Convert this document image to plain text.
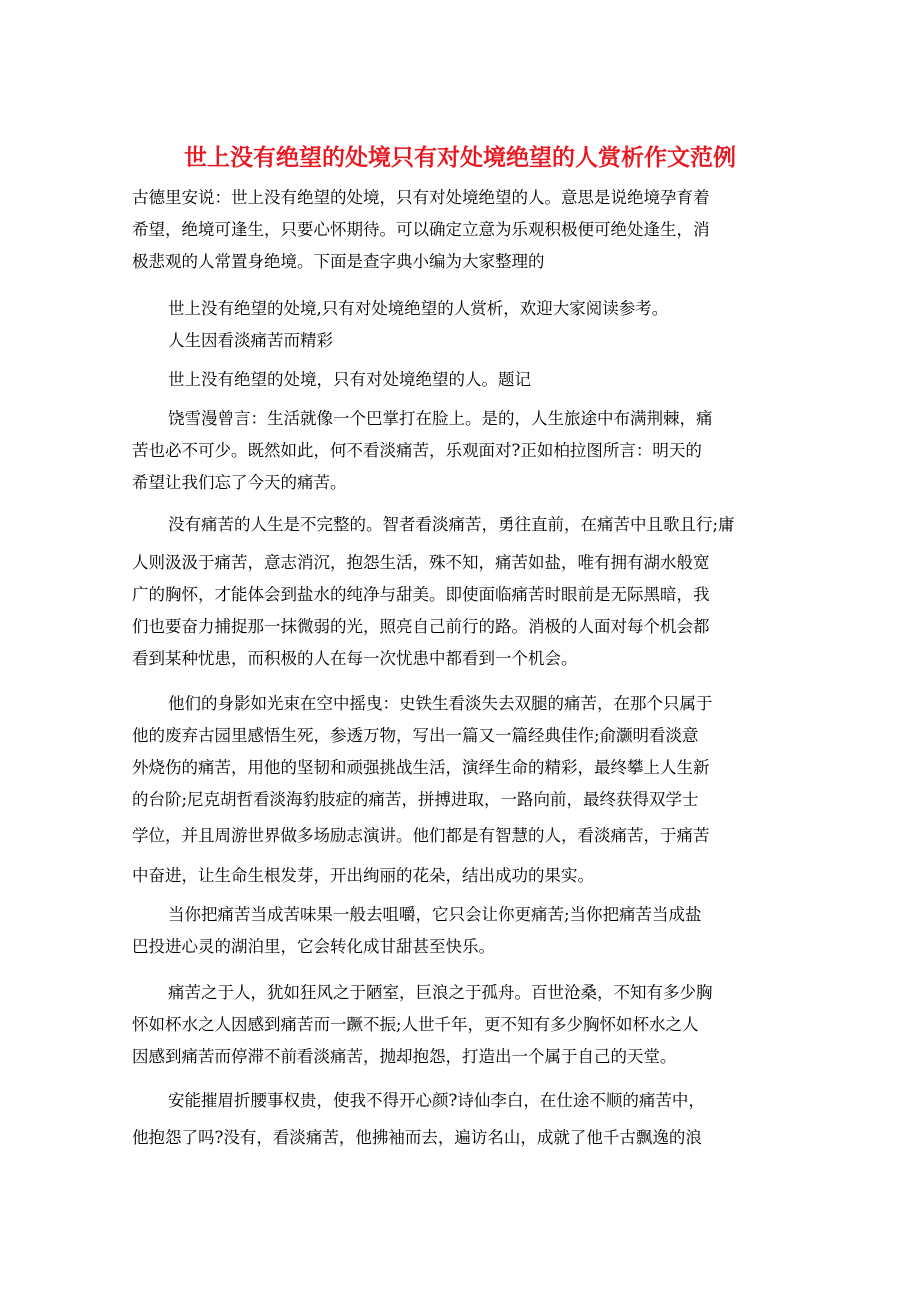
世上没有绝望的处境只有对处境绝望的人赏析作文范例
古德里安说：世上没有绝望的处境，只有对处境绝望的人。意思是说绝境孕育着
希望，绝境可逢生，只要心怀期待。可以确定立意为乐观积极便可绝处逢生，消
极悲观的人常置身绝境。下面是查字典小编为大家整理的
世上没有绝望的处境,只有对处境绝望的人赏析，欢迎大家阅读参考。
人生因看淡痛苦而精彩
世上没有绝望的处境，只有对处境绝望的人。题记
饶雪漫曾言：生活就像一个巴掌打在脸上。是的，人生旅途中布满荆棘，痛
苦也必不可少。既然如此，何不看淡痛苦，乐观面对?正如柏拉图所言：明天的
希望让我们忘了今天的痛苦。
没有痛苦的人生是不完整的。智者看淡痛苦，勇往直前，在痛苦中且歌且行;庸
人则汲汲于痛苦，意志消沉，抱怨生活，殊不知，痛苦如盐，唯有拥有湖水般宽
广的胸怀，才能体会到盐水的纯净与甜美。即使面临痛苦时眼前是无际黑暗，我
们也要奋力捕捉那一抹微弱的光，照亮自己前行的路。消极的人面对每个机会都
看到某种忧患，而积极的人在每一次忧患中都看到一个机会。
他们的身影如光束在空中摇曳：史铁生看淡失去双腿的痛苦，在那个只属于
他的废弃古园里感悟生死，参透万物，写出一篇又一篇经典佳作;俞灏明看淡意
外烧伤的痛苦，用他的坚韧和顽强挑战生活，演绎生命的精彩，最终攀上人生新
的台阶;尼克胡哲看淡海豹肢症的痛苦，拼搏进取，一路向前，最终获得双学士
学位，并且周游世界做多场励志演讲。他们都是有智慧的人，看淡痛苦，于痛苦
中奋进，让生命生根发芽，开出绚丽的花朵，结出成功的果实。
当你把痛苦当成苦味果一般去咀嚼，它只会让你更痛苦;当你把痛苦当成盐
巴投进心灵的湖泊里，它会转化成甘甜甚至快乐。
痛苦之于人，犹如狂风之于陋室，巨浪之于孤舟。百世沧桑，不知有多少胸
怀如杯水之人因感到痛苦而一蹶不振;人世千年，更不知有多少胸怀如杯水之人
因感到痛苦而停滞不前看淡痛苦，抛却抱怨，打造出一个属于自己的天堂。
安能摧眉折腰事权贵，使我不得开心颜?诗仙李白，在仕途不顺的痛苦中，
他抱怨了吗?没有，看淡痛苦，他拂袖而去，遍访名山，成就了他千古飘逸的浪
